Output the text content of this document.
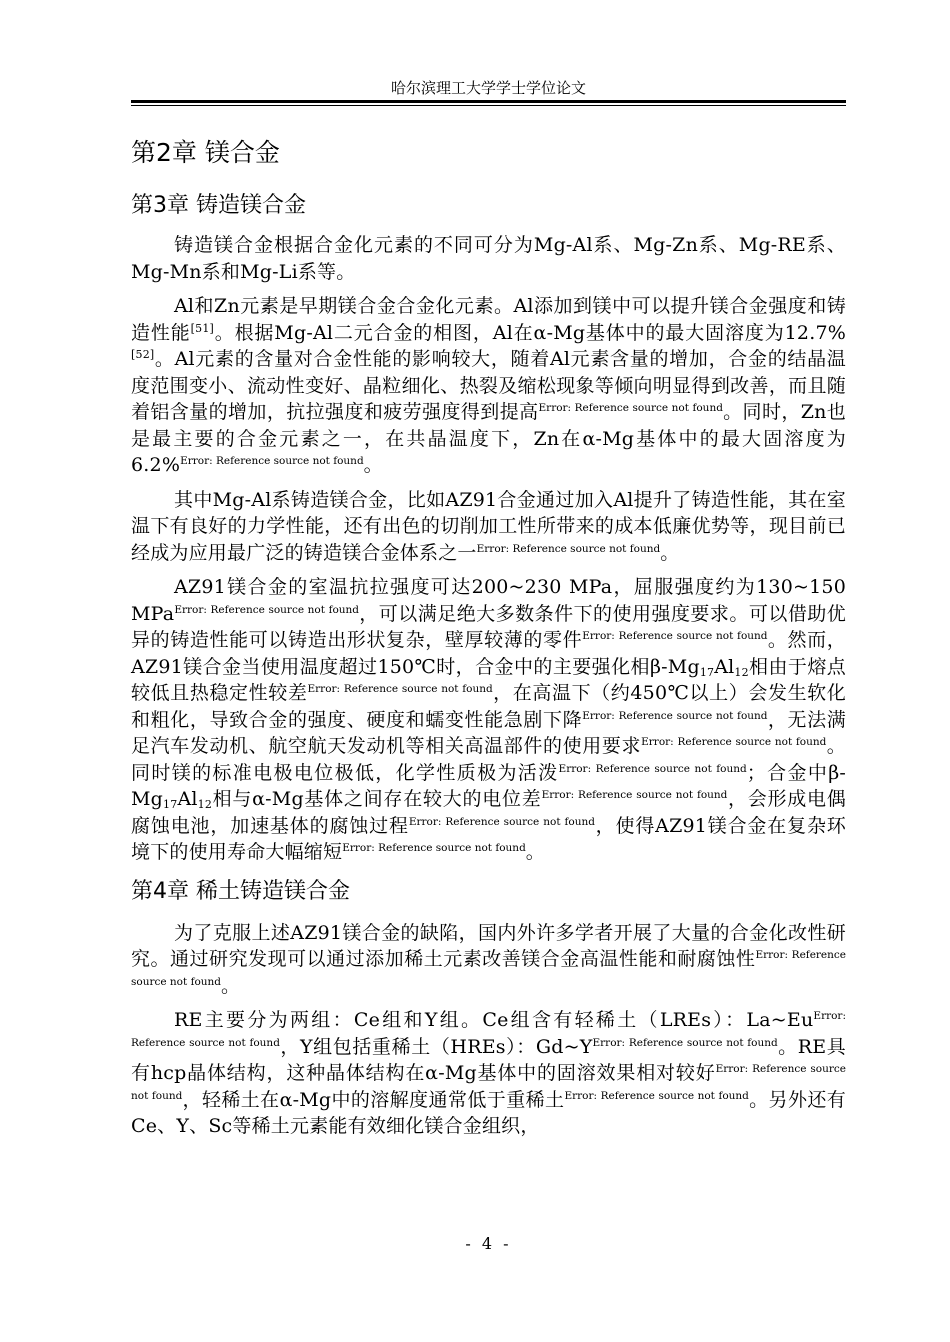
哈尔滨理工大学学士学位论文
第2章 镁合金
第3章 铸造镁合金

铸造镁合金根据合金化元素的不同可分为Mg-Al系、Mg-Zn系、Mg-RE系、Mg-Mn系和Mg-Li系等。

Al和Zn元素是早期镁合金合金化元素。Al添加到镁中可以提升镁合金强度和铸造性能[51]。根据Mg-Al二元合金的相图，Al在α-Mg基体中的最大固溶度为12.7%[52]。Al元素的含量对合金性能的影响较大，随着Al元素含量的增加，合金的结晶温度范围变小、流动性变好、晶粒细化、热裂及缩松现象等倾向明显得到改善，而且随着铝含量的增加，抗拉强度和疲劳强度得到提高$^{Error: Reference source not found}$。同时，Zn也是最主要的合金元素之一，在共晶温度下，Zn在α-Mg基体中的最大固溶度为6.2%$^{Error: Reference source not found}$。

其中Mg-Al系铸造镁合金，比如AZ91合金通过加入Al提升了铸造性能，其在室温下有良好的力学性能，还有出色的切削加工性所带来的成本低廉优势等，现目前已经成为应用最广泛的铸造镁合金体系之一$^{Error: Reference source not found}$。

AZ91镁合金的室温抗拉强度可达200~230 MPa，屈服强度约为130~150 MPa$^{Error: Reference source not found}$，可以满足绝大多数条件下的使用强度要求。可以借助优异的铸造性能可以铸造出形状复杂，壁厚较薄的零件$^{Error: Reference source not found}$。然而，AZ91镁合金当使用温度超过150℃时，合金中的主要强化相$\beta-Mg_{17}Al_{12}$相由于熔点较低且热稳定性较差$^{Error: Reference source not found}$，在高温下（约450℃以上）会发生软化和粗化，导致合金的强度、硬度和蠕变性能急剧下降$^{Error: Reference source not found}$，无法满足汽车发动机、航空航天发动机等相关高温部件的使用要求$^{Error: Reference source not found}$。同时镁的标准电极电位极低，化学性质极为活泼$^{Error: Reference source not found}$；合金中$\beta-Mg_{17}Al_{12}$相与α-Mg基体之间存在较大的电位差$^{Error: Reference source not found}$，会形成电偶腐蚀电池，加速基体的腐蚀过程$^{Error: Reference source not found}$，使得AZ91镁合金在复杂环境下的使用寿命大幅缩短$^{Error: Reference source not found}$。

第4章 稀土铸造镁合金

为了克服上述AZ91镁合金的缺陷，国内外许多学者开展了大量的合金化改性研究。通过研究发现可以通过添加稀土元素改善镁合金高温性能和耐腐蚀性$^{Error: Reference source not found}$。

RE主要分为两组：Ce组和Y组。Ce组含有轻稀土（LREs）：$La\sim Eu^{Error: Reference source not found}$，Y组包括重稀土（HREs）：$Gd\sim Y^{Error: Reference source not found}$。RE具有hcp晶体结构，这种晶体结构在α-Mg基体中的固溶效果相对较好$^{Error: Reference source not found}$，轻稀土在α-Mg中的溶解度通常低于重稀土$^{Error: Reference source not found}$。另外还有Ce、Y、Sc等稀土元素能有效细化镁合金组织，

- 4 -
